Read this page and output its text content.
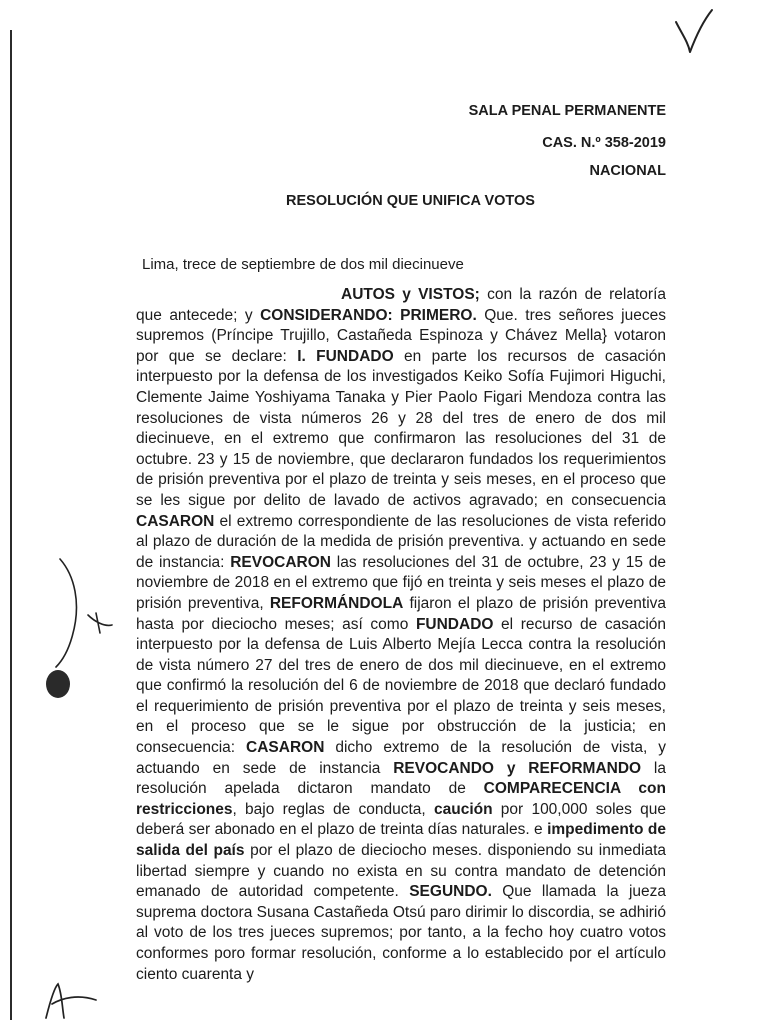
SALA PENAL PERMANENTE
CAS. N.º 358-2019
NACIONAL
RESOLUCIÓN QUE UNIFICA VOTOS
Lima, trece de septiembre de dos mil diecinueve

AUTOS y VISTOS; con la razón de relatoría que antecede; y CONSIDERANDO: PRIMERO. Que. tres señores jueces supremos (Príncipe Trujillo, Castañeda Espinoza y Chávez Mella} votaron por que se declare: I. FUNDADO en parte los recursos de casación interpuesto por la defensa de los investigados Keiko Sofía Fujimori Higuchi, Clemente Jaime Yoshiyama Tanaka y Pier Paolo Figari Mendoza contra las resoluciones de vista números 26 y 28 del tres de enero de dos mil diecinueve, en el extremo que confirmaron las resoluciones del 31 de octubre. 23 y 15 de noviembre, que declararon fundados los requerimientos de prisión preventiva por el plazo de treinta y seis meses, en el proceso que se les sigue por delito de lavado de activos agravado; en consecuencia CASARON el extremo correspondiente de las resoluciones de vista referido al plazo de duración de la medida de prisión preventiva. y actuando en sede de instancia: REVOCARON las resoluciones del 31 de octubre, 23 y 15 de noviembre de 2018 en el extremo que fijó en treinta y seis meses el plazo de prisión preventiva, REFORMÁNDOLA fijaron el plazo de prisión preventiva hasta por dieciocho meses; así como FUNDADO el recurso de casación interpuesto por la defensa de Luis Alberto Mejía Lecca contra la resolución de vista número 27 del tres de enero de dos mil diecinueve, en el extremo que confirmó la resolución del 6 de noviembre de 2018 que declaró fundado el requerimiento de prisión preventiva por el plazo de treinta y seis meses, en el proceso que se le sigue por obstrucción de la justicia; en consecuencia: CASARON dicho extremo de la resolución de vista, y actuando en sede de instancia REVOCANDO y REFORMANDO la resolución apelada dictaron mandato de COMPARECENCIA con restricciones, bajo reglas de conducta, caución por 100,000 soles que deberá ser abonado en el plazo de treinta días naturales. e impedimento de salida del país por el plazo de dieciocho meses. disponiendo su inmediata libertad siempre y cuando no exista en su contra mandato de detención emanado de autoridad competente. SEGUNDO. Que llamada la jueza suprema doctora Susana Castañeda Otsú paro dirimir lo discordia, se adhirió al voto de los tres jueces supremos; por tanto, a la fecho hoy cuatro votos conformes poro formar resolución, conforme a lo establecido por el artículo ciento cuarenta y
